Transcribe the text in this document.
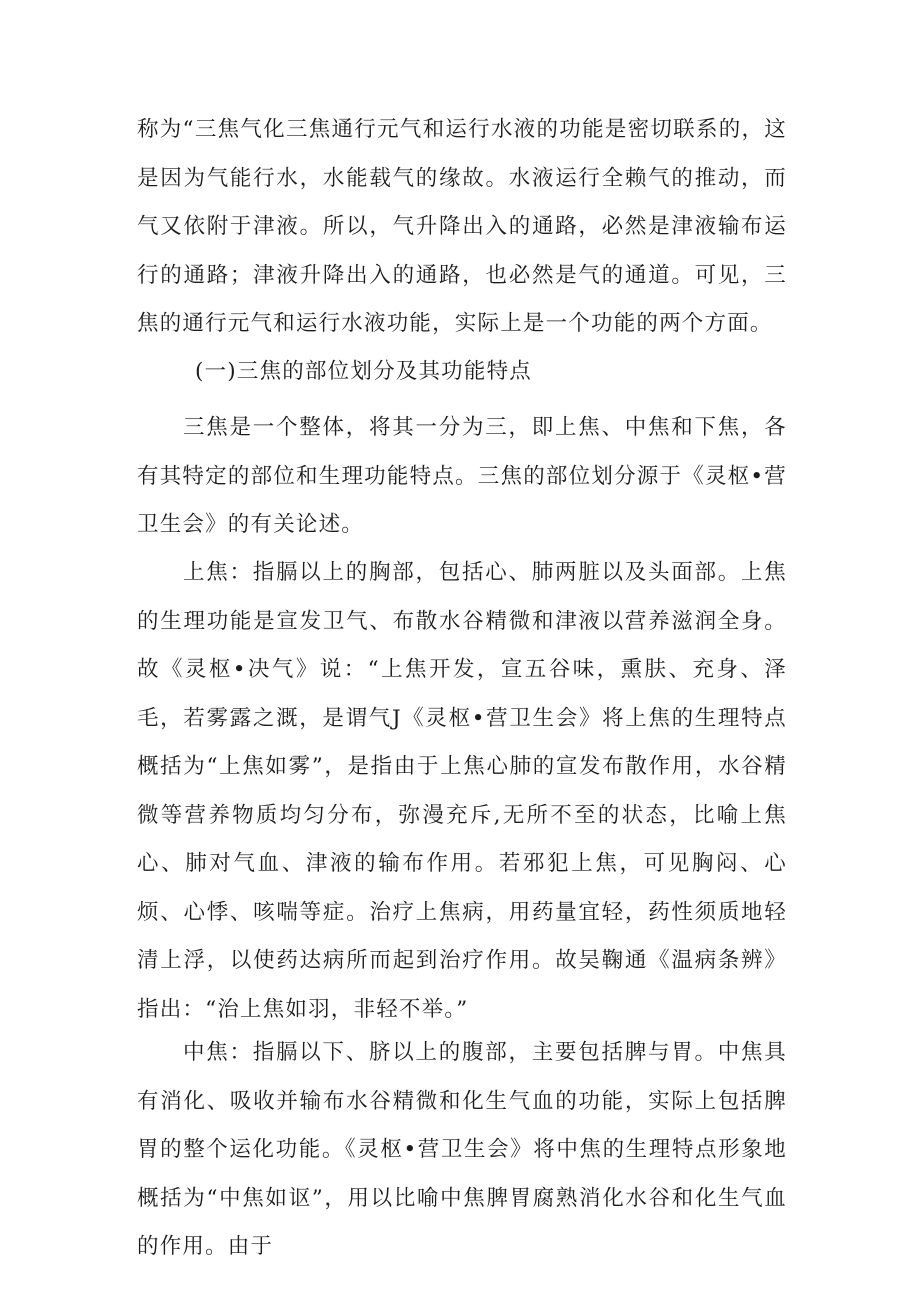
称为“三焦气化三焦通行元气和运行水液的功能是密切联系的，这是因为气能行水，水能载气的缘故。水液运行全赖气的推动，而气又依附于津液。所以，气升降出入的通路，必然是津液输布运行的通路；津液升降出入的通路，也必然是气的通道。可见，三焦的通行元气和运行水液功能，实际上是一个功能的两个方面。

(一)三焦的部位划分及其功能特点

三焦是一个整体，将其一分为三，即上焦、中焦和下焦，各有其特定的部位和生理功能特点。三焦的部位划分源于《灵枢•营卫生会》的有关论述。

上焦：指膈以上的胸部，包括心、肺两脏以及头面部。上焦的生理功能是宣发卫气、布散水谷精微和津液以营养滋润全身。故《灵枢•决气》说：“上焦开发，宣五谷味，熏肤、充身、泽毛，若雾露之溉，是谓气J《灵枢•营卫生会》将上焦的生理特点概括为“上焦如雾”，是指由于上焦心肺的宣发布散作用，水谷精微等营养物质均匀分布，弥漫充斥,无所不至的状态，比喻上焦心、肺对气血、津液的输布作用。若邪犯上焦，可见胸闷、心烦、心悸、咳喘等症。治疗上焦病，用药量宜轻，药性须质地轻清上浮，以使药达病所而起到治疗作用。故吴鞠通《温病条辨》指出：“治上焦如羽，非轻不举。”

中焦：指膈以下、脐以上的腹部，主要包括脾与胃。中焦具有消化、吸收并输布水谷精微和化生气血的功能，实际上包括脾胃的整个运化功能。《灵枢•营卫生会》将中焦的生理特点形象地概括为“中焦如讴”，用以比喻中焦脾胃腐熟消化水谷和化生气血的作用。由于
